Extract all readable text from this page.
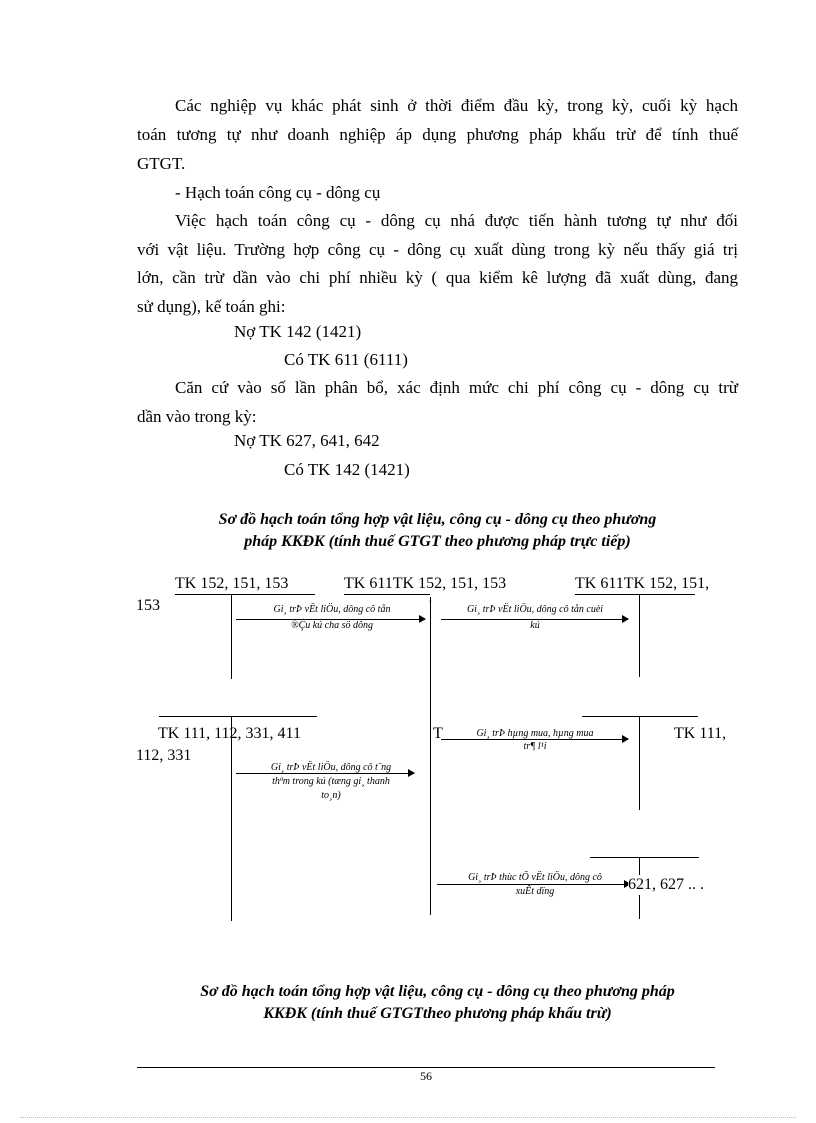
Các nghiệp vụ khác phát sinh ở thời điểm đầu kỳ, trong kỳ, cuối kỳ hạch
toán tương tự như doanh nghiệp áp dụng phương pháp khấu trừ để tính thuế
GTGT.
- Hạch toán công cụ - dông cụ
Việc hạch toán công cụ - dông cụ nhá được tiến hành tương tự như đối
với vật liệu. Trường hợp công cụ - dông cụ xuất dùng trong kỳ nếu thấy giá trị
lớn, cần trừ dần vào chi phí nhiều kỳ ( qua kiểm kê lượng đã xuất dùng, đang
sử dụng), kế toán ghi:
Nợ TK 142 (1421)
Có TK 611 (6111)
Căn cứ vào số lần phân bổ, xác định mức chi phí công cụ - dông cụ trừ
dần vào trong kỳ:
Nợ TK 627, 641, 642
Có TK 142 (1421)
Sơ đồ hạch toán tổng hợp vật liệu, công cụ - dông cụ theo phương
pháp KKĐK (tính thuế GTGT theo phương pháp trực tiếp)
TK 152, 151, 153	TK 611TK 152, 151, 153	TK 611TK 152, 151,
153	,
Gi¸ trÞ vËt liÖu, dông cô tån
®Çu kú cha sö dông
Gi¸ trÞ vËt liÖu, dông cô tån cuèi
kú
TK 111, 112, 331, 411	T	TK 111,
112, 331
Gi¸ trÞ hµng mua, hµng mua
tr¶ l¹i
Gi¸ trÞ vËt liÖu, dông cô t¨ng
thªm trong kú (tæng gi¸ thanh
to¸n)
Gi¸ trÞ thùc tÕ vËt liÖu, dông cô
xuÊt dïng	621, 627 .. .
Sơ đồ hạch toán tổng hợp vật liệu, công cụ - dông cụ theo phương pháp
KKĐK (tính thuế GTGTtheo phương pháp khấu trừ)
56
